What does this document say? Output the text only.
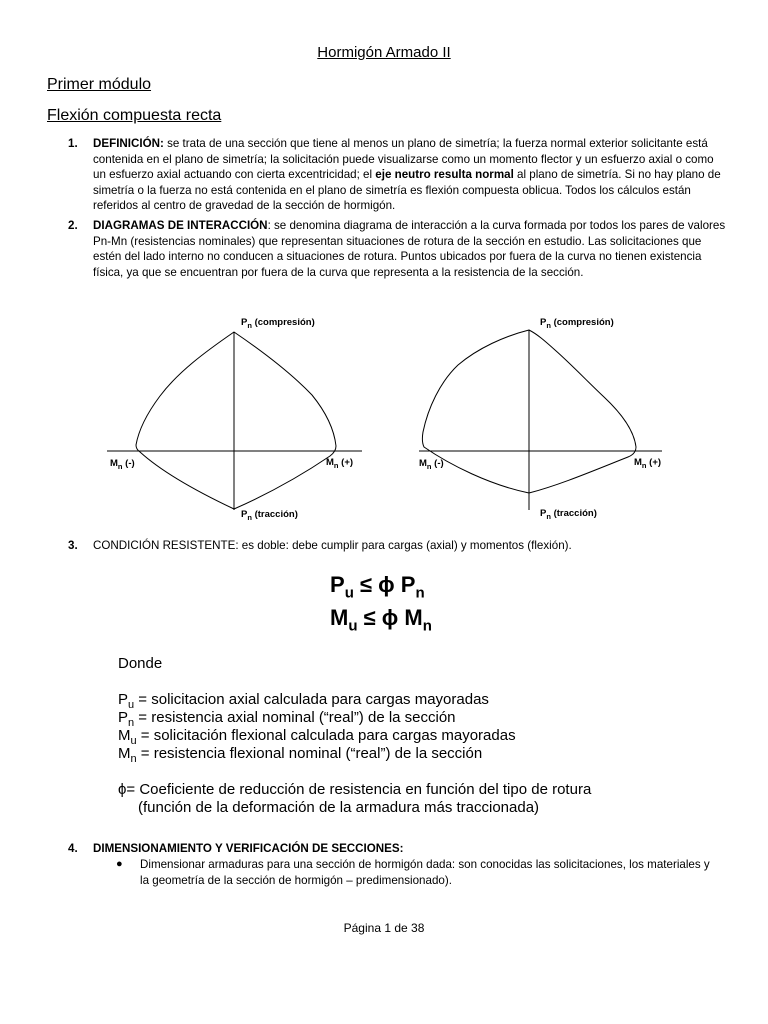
Hormigón Armado II
Primer módulo
Flexión compuesta recta
1. DEFINICIÓN: se trata de una sección que tiene al menos un plano de simetría; la fuerza normal exterior solicitante está contenida en el plano de simetría; la solicitación puede visualizarse como un momento flector y un esfuerzo axial o como un esfuerzo axial actuando con cierta excentricidad; el eje neutro resulta normal al plano de simetría. Si no hay plano de simetría o la fuerza no está contenida en el plano de simetría es flexión compuesta oblicua. Todos los cálculos están referidos al centro de gravedad de la sección de hormigón.
2. DIAGRAMAS DE INTERACCIÓN: se denomina diagrama de interacción a la curva formada por todos los pares de valores Pn-Mn (resistencias nominales) que representan situaciones de rotura de la sección en estudio. Las solicitaciones que estén del lado interno no conducen a situaciones de rotura. Puntos ubicados por fuera de la curva no tienen existencia física, ya que se encuentran por fuera de la curva que representa a la resistencia de la sección.
$P_n$ (compresión)
$P_n$ (tracción)
$M_n$ (-)	$M_n$ (+)
$P_n$ (compresión)
$P_n$ (tracción)
$M_n$ (-)	$M_n$ (+)
3. CONDICIÓN RESISTENTE: es doble: debe cumplir para cargas (axial) y momentos (flexión).
$P_u \le \phi$ $P_n$
$M_u \le \phi$ $M_n$
Donde
$P_u$ = solicitacion axial calculada para cargas mayoradas
$P_n$ = resistencia axial nominal (“real”) de la sección
$M_u$ = solicitación flexional calculada para cargas mayoradas
$M_n$ = resistencia flexional nominal (“real”) de la sección
ϕ= Coeficiente de reducción de resistencia en función del tipo de rotura
(función de la deformación de la armadura más traccionada)
4. DIMENSIONAMIENTO Y VERIFICACIÓN DE SECCIONES:
● Dimensionar armaduras para una sección de hormigón dada: son conocidas las solicitaciones, los materiales y la geometría de la sección de hormigón – predimensionado).
Página 1 de 38
